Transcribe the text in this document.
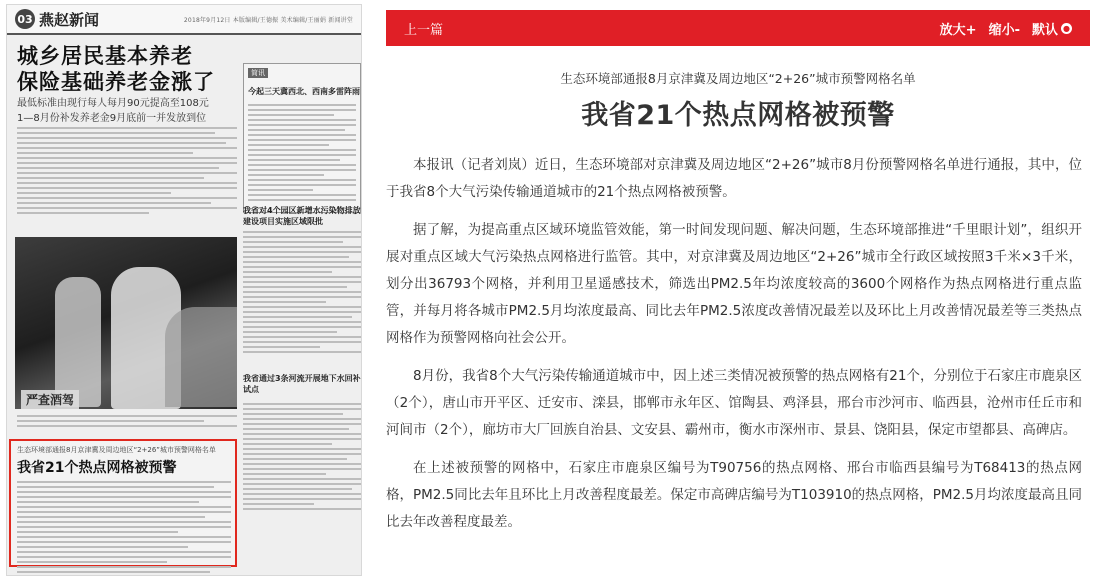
03 燕赵新闻	2018年9月12日 本版编辑/王德振 美术编辑/王丽娟 新闻讲堂
城乡居民基本养老
保险基础养老金涨了
最低标准由现行每人每月90元提高至108元
1—8月份补发养老金9月底前一并发放到位
严查酒驾
简讯
今起三天冀西北、西南多雷阵雨
我省对4个园区新增水污染物排放建设项目实施区域限批
我省通过3条河流开展地下水回补试点
生态环境部通报8月京津冀及周边地区“2+26”城市预警网格名单
我省21个热点网格被预警
上一篇	放大+ 缩小- 默认 ●
生态环境部通报8月京津冀及周边地区“2+26”城市预警网格名单
我省21个热点网格被预警

本报讯（记者刘岚）近日，生态环境部对京津冀及周边地区“2+26”城市8月份预警网格名单进行通报，其中，位于我省8个大气污染传输通道城市的21个热点网格被预警。

据了解，为提高重点区域环境监管效能，第一时间发现问题、解决问题，生态环境部推进“千里眼计划”，组织开展对重点区域大气污染热点网格进行监管。其中，对京津冀及周边地区“2+26”城市全行政区域按照3千米×3千米，划分出36793个网格，并利用卫星遥感技术，筛选出PM2.5年均浓度较高的3600个网格作为热点网格进行重点监管，并每月将各城市PM2.5月均浓度最高、同比去年PM2.5浓度改善情况最差以及环比上月改善情况最差等三类热点网格作为预警网格向社会公开。

8月份，我省8个大气污染传输通道城市中，因上述三类情况被预警的热点网格有21个，分别位于石家庄市鹿泉区（2个），唐山市开平区、迁安市、滦县，邯郸市永年区、馆陶县、鸡泽县，邢台市沙河市、临西县，沧州市任丘市和河间市（2个），廊坊市大厂回族自治县、文安县、霸州市，衡水市深州市、景县、饶阳县，保定市望都县、高碑店。

在上述被预警的网格中，石家庄市鹿泉区编号为T90756的热点网格、邢台市临西县编号为T68413的热点网格，PM2.5同比去年且环比上月改善程度最差。保定市高碑店编号为T103910的热点网格，PM2.5月均浓度最高且同比去年改善程度最差。
